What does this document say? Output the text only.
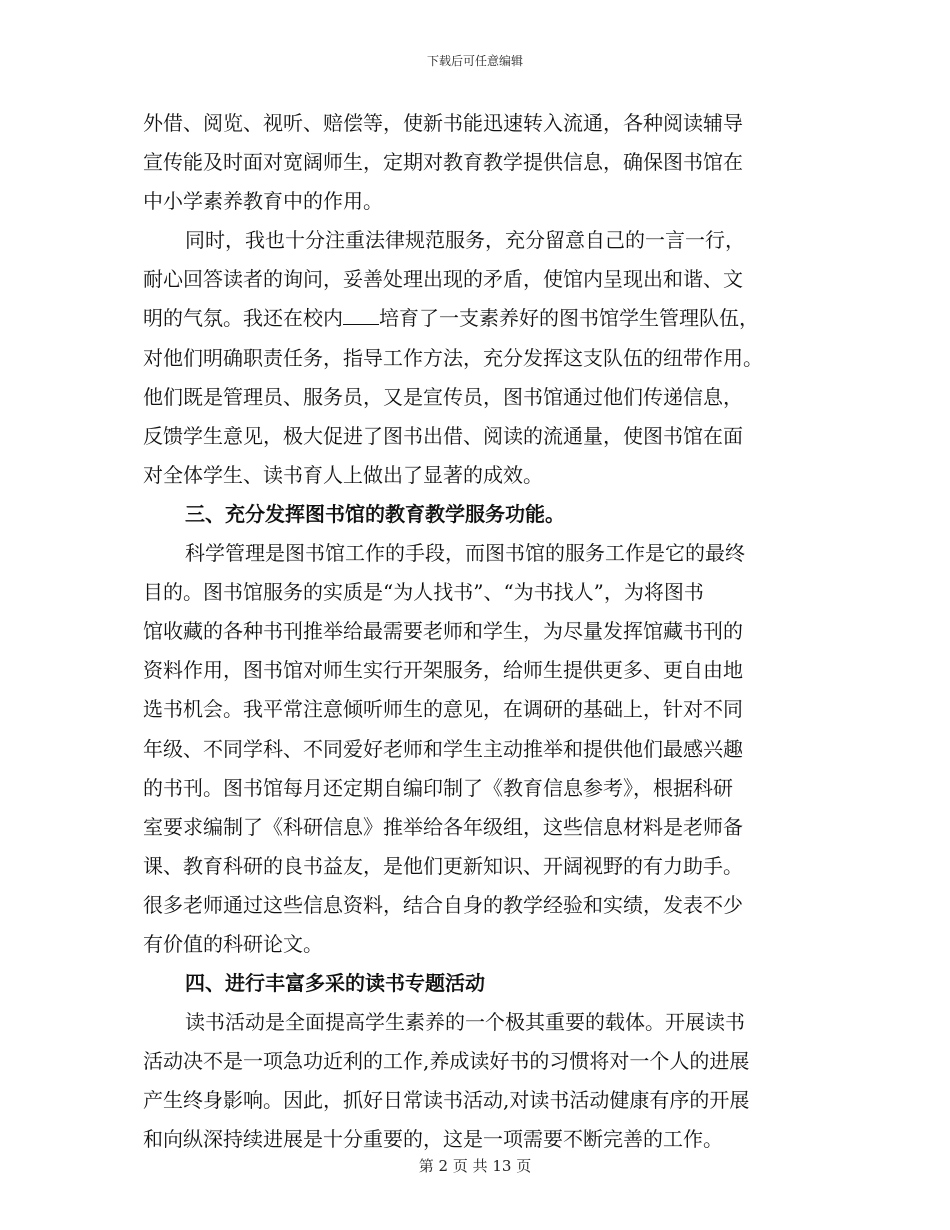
下载后可任意编辑
外借、阅览、视听、赔偿等，使新书能迅速转入流通，各种阅读辅导
宣传能及时面对宽阔师生，定期对教育教学提供信息，确保图书馆在
中小学素养教育中的作用。
同时，我也十分注重法律规范服务，充分留意自己的一言一行，
耐心回答读者的询问，妥善处理出现的矛盾，使馆内呈现出和谐、文
明的气氛。我还在校内 培育了一支素养好的图书馆学生管理队伍，
对他们明确职责任务，指导工作方法，充分发挥这支队伍的纽带作用。
他们既是管理员、服务员，又是宣传员，图书馆通过他们传递信息，
反馈学生意见，极大促进了图书出借、阅读的流通量，使图书馆在面
对全体学生、读书育人上做出了显著的成效。
三、充分发挥图书馆的教育教学服务功能。
科学管理是图书馆工作的手段，而图书馆的服务工作是它的最终
目的。图书馆服务的实质是“为人找书”、“为书找人”，为将图书
馆收藏的各种书刊推举给最需要老师和学生，为尽量发挥馆藏书刊的
资料作用，图书馆对师生实行开架服务，给师生提供更多、更自由地
选书机会。我平常注意倾听师生的意见，在调研的基础上，针对不同
年级、不同学科、不同爱好老师和学生主动推举和提供他们最感兴趣
的书刊。图书馆每月还定期自编印制了《教育信息参考》，根据科研
室要求编制了《科研信息》推举给各年级组，这些信息材料是老师备
课、教育科研的良书益友，是他们更新知识、开阔视野的有力助手。
很多老师通过这些信息资料，结合自身的教学经验和实绩，发表不少
有价值的科研论文。
四、进行丰富多采的读书专题活动
读书活动是全面提高学生素养的一个极其重要的载体。开展读书
活动决不是一项急功近利的工作,养成读好书的习惯将对一个人的进展
产生终身影响。因此，抓好日常读书活动,对读书活动健康有序的开展
和向纵深持续进展是十分重要的，这是一项需要不断完善的工作。
第 2 页 共 13 页
